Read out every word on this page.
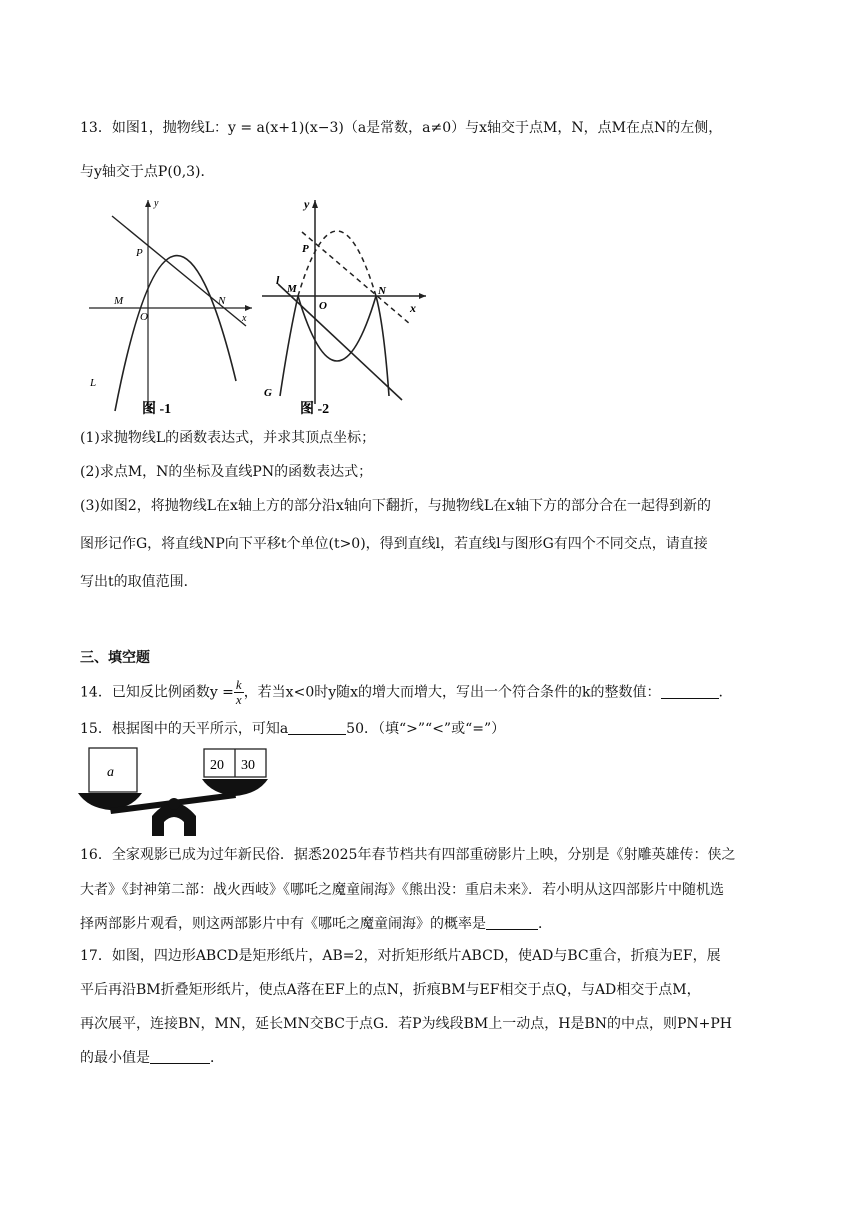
13．如图1，抛物线L：y = a(x+1)(x−3)（a是常数，a≠0）与x轴交于点M，N，点M在点N的左侧，
与y轴交于点P(0,3)．
y
x
P
M
O
N
L
图 -1
y
x
P
l
M
O
N
G
图 -2
(1)求抛物线L的函数表达式，并求其顶点坐标；
(2)求点M，N的坐标及直线PN的函数表达式；
(3)如图2，将抛物线L在x轴上方的部分沿x轴向下翻折，与抛物线L在x轴下方的部分合在一起得到新的
图形记作G，将直线NP向下平移t个单位(t>0)，得到直线l，若直线l与图形G有四个不同交点，请直接
写出t的取值范围．
三、填空题
14．已知反比例函数$y = \frac{k}{x}$ ，若当x<0时y随x的增大而增大，写出一个符合条件的k的整数值：	.
15．根据图中的天平所示，可知a	50．（填“>”“<”或“=”）
a	20 30
16．全家观影已成为过年新民俗．据悉2025年春节档共有四部重磅影片上映，分别是《射雕英雄传：侠之
大者》《封神第二部：战火西岐》《哪吒之魔童闹海》《熊出没：重启未来》．若小明从这四部影片中随机选
择两部影片观看，则这两部影片中有《哪吒之魔童闹海》的概率是	．
17．如图，四边形ABCD是矩形纸片，AB=2，对折矩形纸片ABCD，使AD与BC重合，折痕为EF，展
平后再沿BM折叠矩形纸片，使点A落在EF上的点N，折痕BM与EF相交于点Q，与AD相交于点M，
再次展平，连接BN，MN，延长MN交BC于点G．若P为线段BM上一动点，H是BN的中点，则PN+PH
的最小值是	．
